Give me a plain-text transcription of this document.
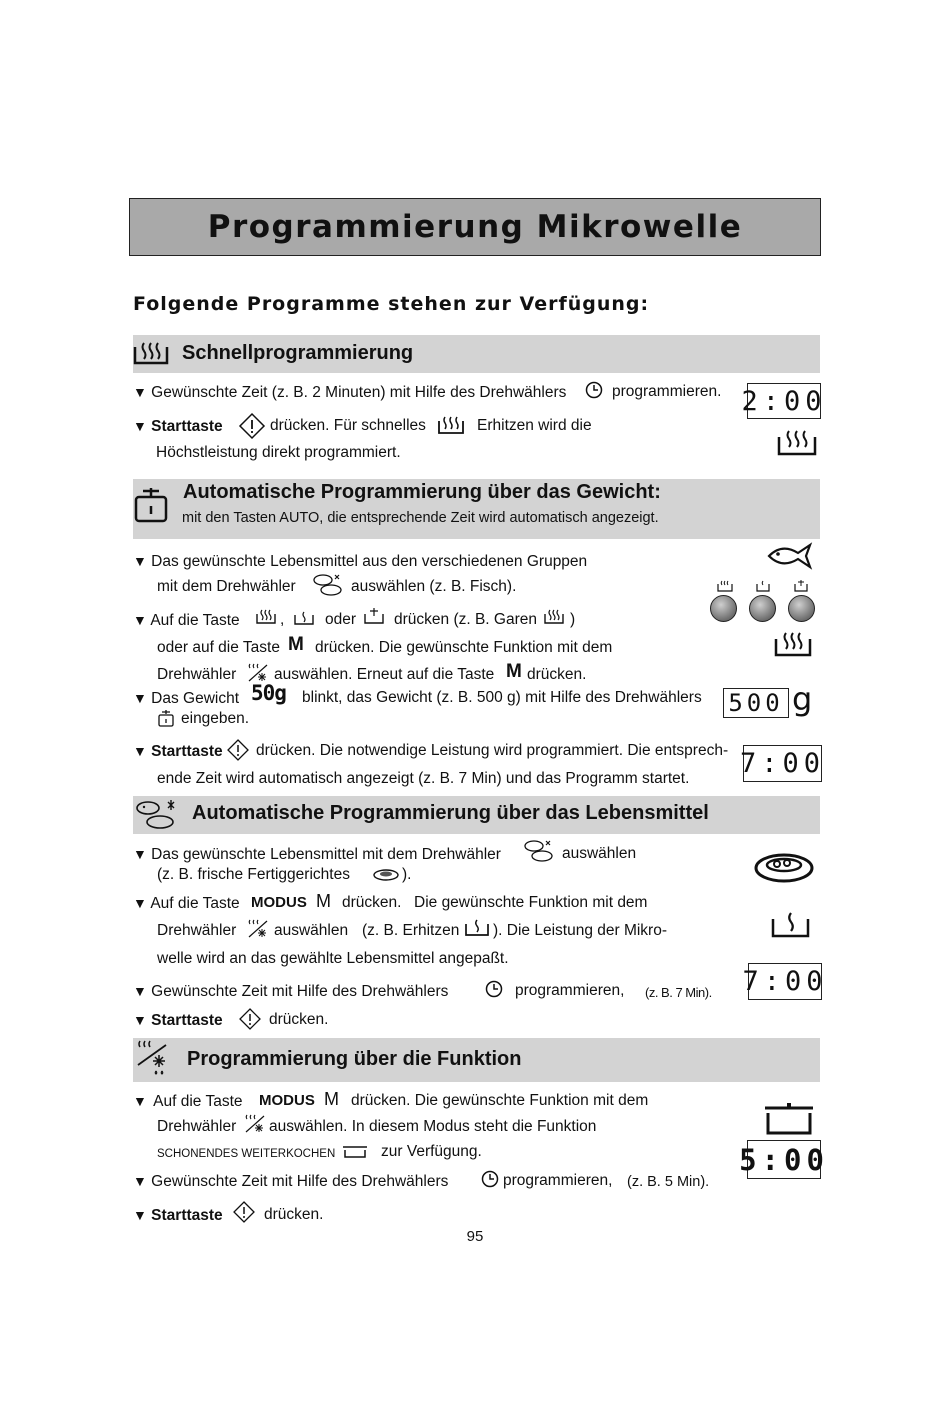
Programmierung Mikrowelle
Folgende Programme stehen zur Verfügung:
Schnellprogrammierung
▼ Gewünschte Zeit (z. B. 2 Minuten) mit Hilfe des Drehwählers	programmieren.
▼ Starttaste	drücken. Für schnelles	Erhitzen wird die
Höchstleistung direkt programmiert.
2:00
Automatische Programmierung über das Gewicht:
mit den Tasten AUTO, die entsprechende Zeit wird automatisch angezeigt.
▼ Das gewünschte Lebensmittel aus den verschiedenen Gruppen
mit dem Drehwähler	auswählen (z. B. Fisch).
▼ Auf die Taste	,	oder drücken (z. B. Garen )
oder auf die Taste M drücken. Die gewünschte Funktion mit dem
Drehwähler auswählen. Erneut auf die Taste M drücken.
▼ Das Gewicht 50g blinkt, das Gewicht (z. B. 500 g) mit Hilfe des Drehwählers
eingeben.
500 g
▼ Starttaste drücken. Die notwendige Leistung wird programmiert. Die entsprech-
ende Zeit wird automatisch angezeigt (z. B. 7 Min) und das Programm startet. 7:00
Automatische Programmierung über das Lebensmittel
▼ Das gewünschte Lebensmittel mit dem Drehwähler	auswählen
(z. B. frische Fertiggerichtes	).
▼ Auf die Taste MODUS M drücken. Die gewünschte Funktion mit dem
Drehwähler auswählen (z. B. Erhitzen ). Die Leistung der Mikro-
welle wird an das gewählte Lebensmittel angepaßt.
▼ Gewünschte Zeit mit Hilfe des Drehwählers	programmieren, (z. B. 7 Min). 7:00
▼ Starttaste	drücken.
Programmierung über die Funktion
▼ Auf die Taste MODUS M drücken. Die gewünschte Funktion mit dem
Drehwähler auswählen. In diesem Modus steht die Funktion
SCHONENDES WEITERKOCHEN	zur Verfügung.
▼ Gewünschte Zeit mit Hilfe des Drehwählers	programmieren, (z. B. 5 Min).
5:00
▼ Starttaste	drücken.
95
